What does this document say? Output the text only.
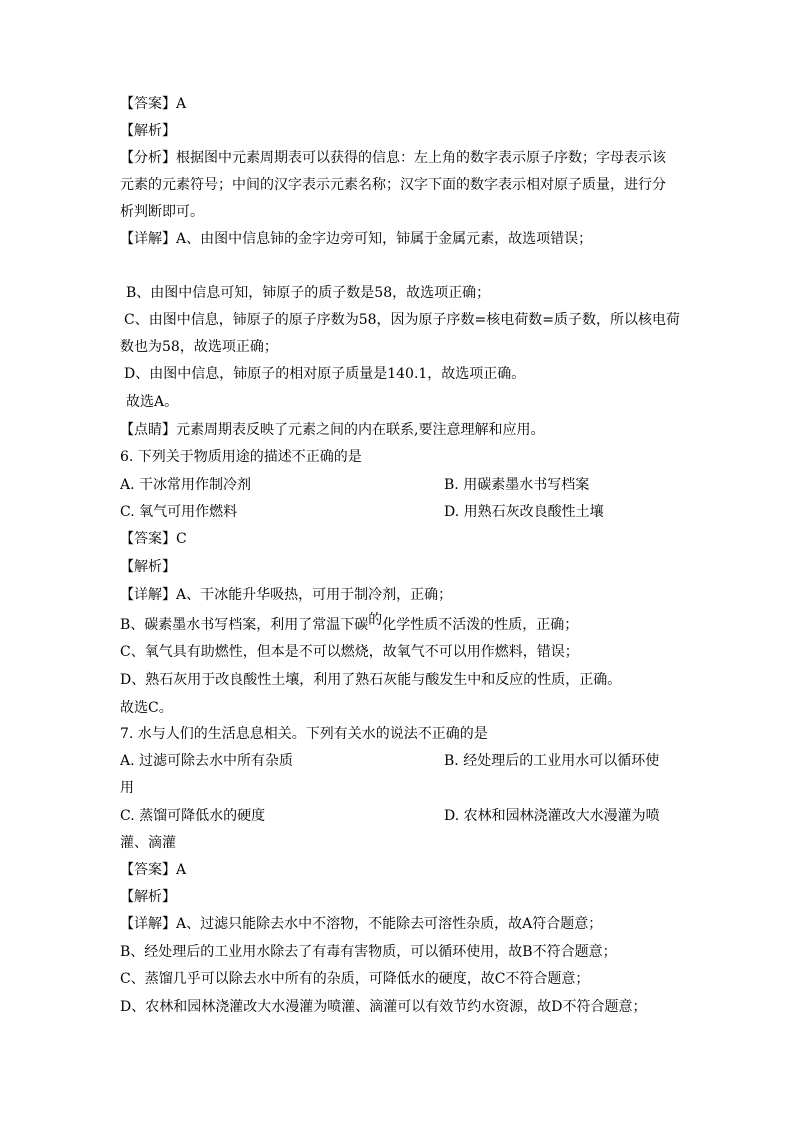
【答案】A
【解析】
【分析】根据图中元素周期表可以获得的信息：左上角的数字表示原子序数；字母表示该
元素的元素符号；中间的汉字表示元素名称；汉字下面的数字表示相对原子质量，进行分
析判断即可。
【详解】A、由图中信息铈的金字边旁可知，铈属于金属元素，故选项错误；
B、由图中信息可知，铈原子的质子数是58，故选项正确；
C、由图中信息，铈原子的原子序数为58，因为原子序数=核电荷数=质子数，所以核电荷
数也为58，故选项正确；
D、由图中信息，铈原子的相对原子质量是140.1，故选项正确。
故选A。
【点睛】元素周期表反映了元素之间的内在联系,要注意理解和应用。
6. 下列关于物质用途的描述不正确的是
A. 干冰常用作制冷剂	B. 用碳素墨水书写档案
C. 氧气可用作燃料	D. 用熟石灰改良酸性土壤
【答案】C
【解析】
【详解】A、干冰能升华吸热，可用于制冷剂，正确；
B、碳素墨水书写档案，利用了常温下碳的化学性质不活泼的性质，正确；
C、氧气具有助燃性，但本是不可以燃烧，故氧气不可以用作燃料，错误；
D、熟石灰用于改良酸性土壤，利用了熟石灰能与酸发生中和反应的性质，正确。
故选C。
7. 水与人们的生活息息相关。下列有关水的说法不正确的是
A. 过滤可除去水中所有杂质	B. 经处理后的工业用水可以循环使
用
C. 蒸馏可降低水的硬度	D. 农林和园林浇灌改大水漫灌为喷
灌、滴灌
【答案】A
【解析】
【详解】A、过滤只能除去水中不溶物，不能除去可溶性杂质，故A符合题意；
B、经处理后的工业用水除去了有毒有害物质，可以循环使用，故B不符合题意；
C、蒸馏几乎可以除去水中所有的杂质，可降低水的硬度，故C不符合题意；
D、农林和园林浇灌改大水漫灌为喷灌、滴灌可以有效节约水资源，故D不符合题意；
